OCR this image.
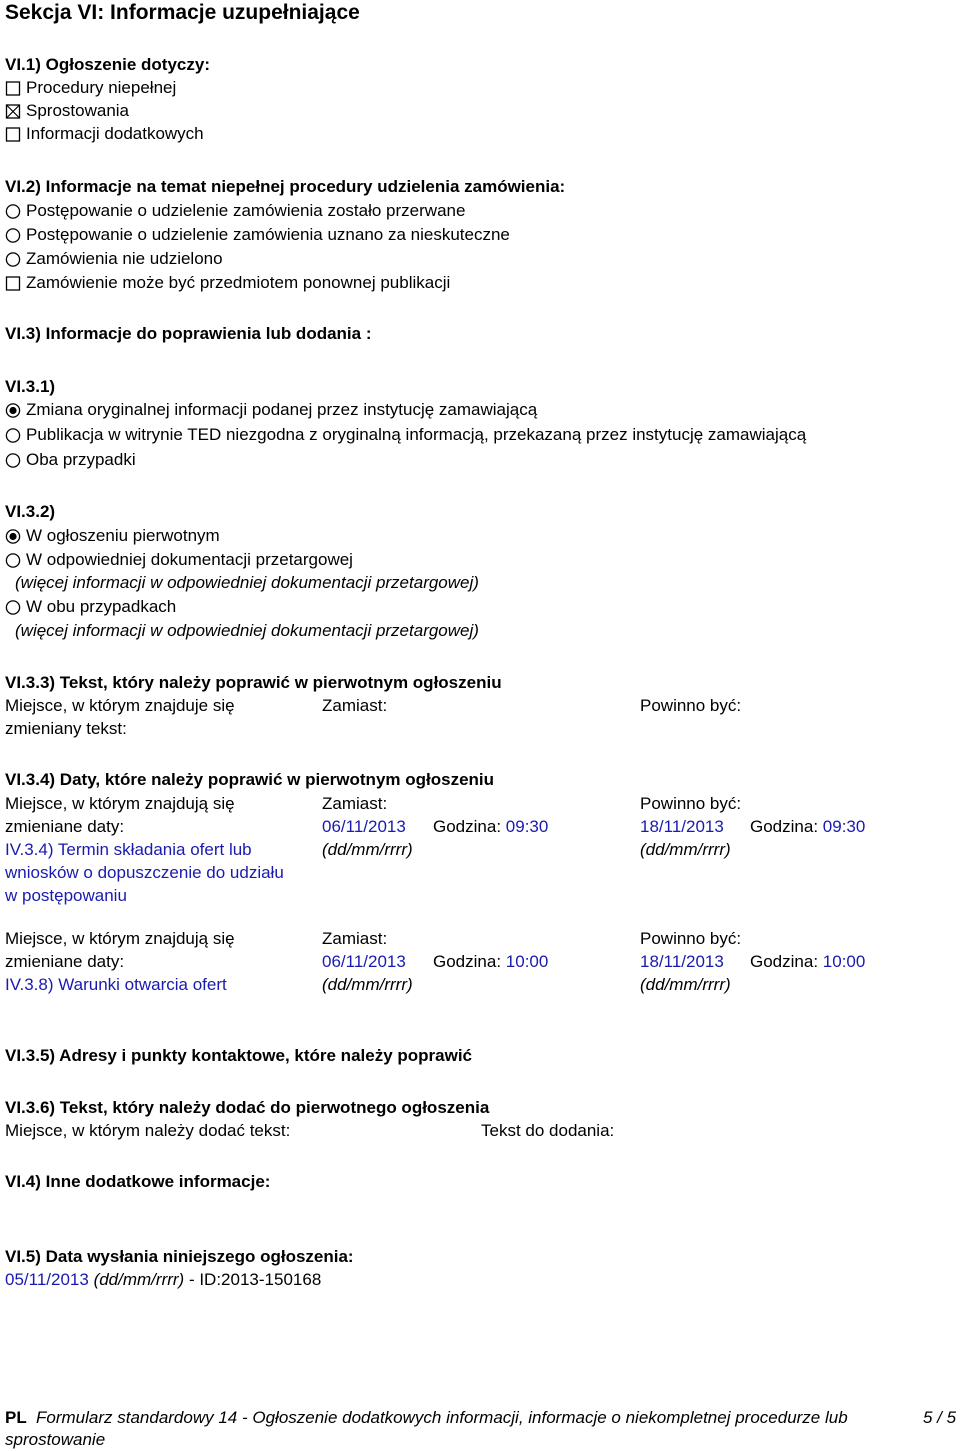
Sekcja VI: Informacje uzupełniające
VI.1) Ogłoszenie dotyczy:
Procedury niepełnej
Sprostowania
Informacji dodatkowych
VI.2) Informacje na temat niepełnej procedury udzielenia zamówienia:
Postępowanie o udzielenie zamówienia zostało przerwane
Postępowanie o udzielenie zamówienia uznano za nieskuteczne
Zamówienia nie udzielono
Zamówienie może być przedmiotem ponownej publikacji
VI.3) Informacje do poprawienia lub dodania :
VI.3.1)
Zmiana oryginalnej informacji podanej przez instytucję zamawiającą
Publikacja w witrynie TED niezgodna z oryginalną informacją, przekazaną przez instytucję zamawiającą
Oba przypadki
VI.3.2)
W ogłoszeniu pierwotnym
W odpowiedniej dokumentacji przetargowej
(więcej informacji w odpowiedniej dokumentacji przetargowej)
W obu przypadkach
(więcej informacji w odpowiedniej dokumentacji przetargowej)
VI.3.3) Tekst, który należy poprawić w pierwotnym ogłoszeniu
Miejsce, w którym znajduje się	Zamiast:	Powinno być:
zmieniany tekst:
VI.3.4) Daty, które należy poprawić w pierwotnym ogłoszeniu
Miejsce, w którym znajdują się	Zamiast:	Powinno być:
zmieniane daty:	06/11/2013 Godzina: 09:30	18/11/2013 Godzina: 09:30
IV.3.4) Termin składania ofert lub	(dd/mm/rrrr)	(dd/mm/rrrr)
wniosków o dopuszczenie do udziału
w postępowaniu
Miejsce, w którym znajdują się	Zamiast:	Powinno być:
zmieniane daty:	06/11/2013 Godzina: 10:00	18/11/2013 Godzina: 10:00
IV.3.8) Warunki otwarcia ofert	(dd/mm/rrrr)	(dd/mm/rrrr)
VI.3.5) Adresy i punkty kontaktowe, które należy poprawić
VI.3.6) Tekst, który należy dodać do pierwotnego ogłoszenia
Miejsce, w którym należy dodać tekst:	Tekst do dodania:
VI.4) Inne dodatkowe informacje:
VI.5) Data wysłania niniejszego ogłoszenia:
05/11/2013 (dd/mm/rrrr) - ID:2013-150168
PL Formularz standardowy 14 - Ogłoszenie dodatkowych informacji, informacje o niekompletnej procedurze lub
sprostowanie
5 / 5
